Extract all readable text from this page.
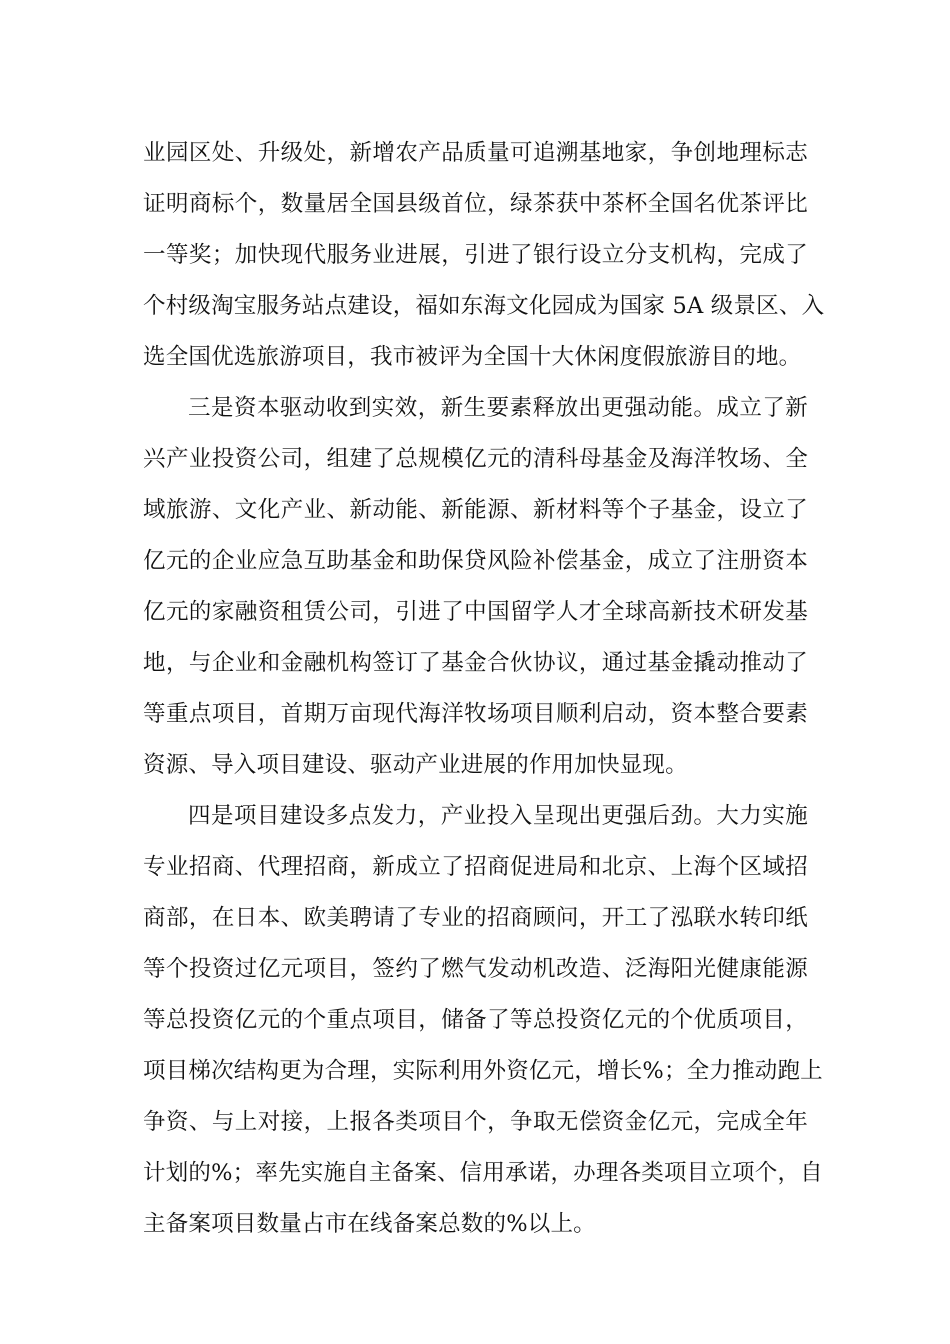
业园区处、升级处，新增农产品质量可追溯基地家，争创地理标志
证明商标个，数量居全国县级首位，绿茶获中茶杯全国名优茶评比
一等奖；加快现代服务业进展，引进了银行设立分支机构，完成了
个村级淘宝服务站点建设，福如东海文化园成为国家 5A 级景区、入
选全国优选旅游项目，我市被评为全国十大休闲度假旅游目的地。

三是资本驱动收到实效，新生要素释放出更强动能。成立了新
兴产业投资公司，组建了总规模亿元的清科母基金及海洋牧场、全
域旅游、文化产业、新动能、新能源、新材料等个子基金，设立了
亿元的企业应急互助基金和助保贷风险补偿基金，成立了注册资本
亿元的家融资租赁公司，引进了中国留学人才全球高新技术研发基
地，与企业和金融机构签订了基金合伙协议，通过基金撬动推动了
等重点项目，首期万亩现代海洋牧场项目顺利启动，资本整合要素
资源、导入项目建设、驱动产业进展的作用加快显现。

四是项目建设多点发力，产业投入呈现出更强后劲。大力实施
专业招商、代理招商，新成立了招商促进局和北京、上海个区域招
商部，在日本、欧美聘请了专业的招商顾问，开工了泓联水转印纸
等个投资过亿元项目，签约了燃气发动机改造、泛海阳光健康能源
等总投资亿元的个重点项目，储备了等总投资亿元的个优质项目，
项目梯次结构更为合理，实际利用外资亿元，增长%；全力推动跑上
争资、与上对接，上报各类项目个，争取无偿资金亿元，完成全年
计划的%；率先实施自主备案、信用承诺，办理各类项目立项个，自
主备案项目数量占市在线备案总数的%以上。
